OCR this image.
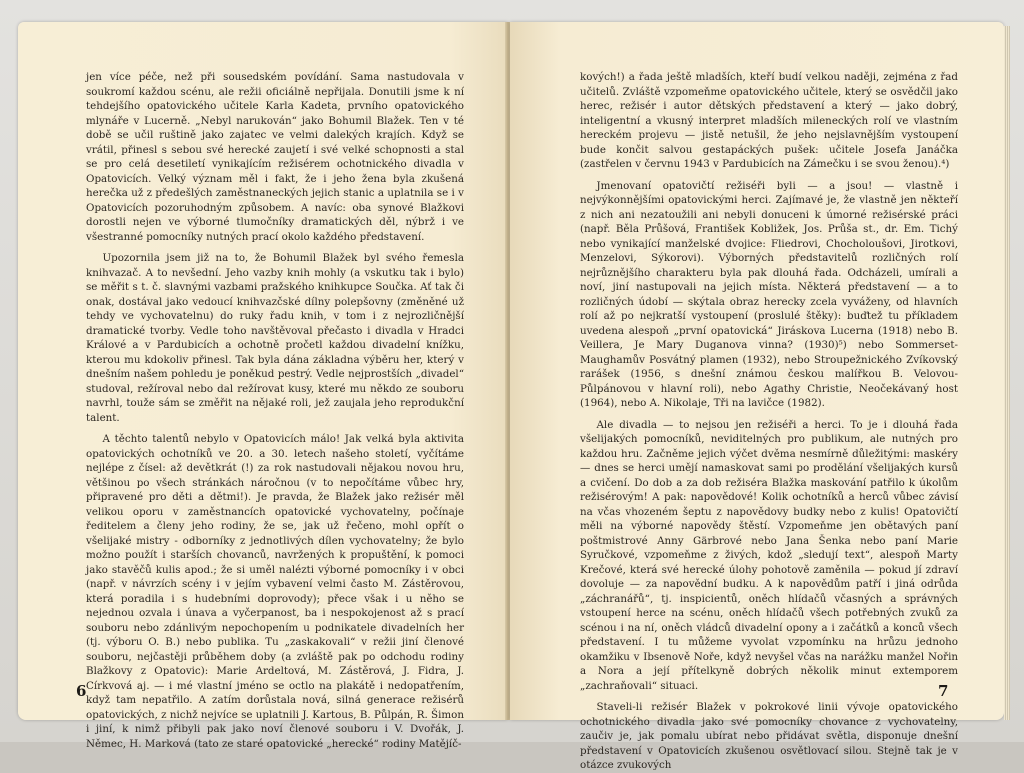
jen více péče, než při sousedském povídání. Sama nastudovala v soukromí každou scénu, ale režii oficiálně nepřijala. Donutili jsme k ní tehdejšího opatovického učitele Karla Kadeta, prvního opatovického mlynáře v Lucerně. „Nebyl narukován“ jako Bohumil Blažek. Ten v té době se učil ruštině jako zajatec ve velmi dalekých krajích. Když se vrátil, přinesl s sebou své herecké zaujetí i své velké schopnosti a stal se pro celá desetiletí vynikajícím režisérem ochotnického divadla v Opatovicích. Velký význam měl i fakt, že i jeho žena byla zkušená herečka už z předešlých zaměstnaneckých jejich stanic a uplatnila se i v Opatovicích pozoruhodným způsobem. A navíc: oba synové Blažkovi dorostli nejen ve výborné tlumočníky dramatických děl, nýbrž i ve všestranné pomocníky nutných prací okolo každého představení.

Upozornila jsem již na to, že Bohumil Blažek byl svého řemesla knihvazač. A to nevšední. Jeho vazby knih mohly (a vskutku tak i bylo) se měřit s t. č. slavnými vazbami pražského knihkupce Součka. Ať tak či onak, dostával jako vedoucí knihvazčské dílny polepšovny (změněné už tehdy ve vychovatelnu) do ruky řadu knih, v tom i z nejrozličnější dramatické tvorby. Vedle toho navštěvoval přečasto i divadla v Hradci Králové a v Pardubicích a ochotně pročetl každou divadelní knížku, kterou mu kdokoliv přinesl. Tak byla dána základna výběru her, který v dnešním našem pohledu je poněkud pestrý. Vedle nejprostších „divadel“ studoval, režíroval nebo dal režírovat kusy, které mu někdo ze souboru navrhl, touže sám se změřit na nějaké roli, jež zaujala jeho reprodukční talent.

A těchto talentů nebylo v Opatovicích málo! Jak velká byla aktivita opatovických ochotníků ve 20. a 30. letech našeho století, vyčítáme nejlépe z čísel: až devětkrát (!) za rok nastudovali nějakou novou hru, většinou po všech stránkách náročnou (v to nepočítáme vůbec hry, připravené pro děti a dětmi!). Je pravda, že Blažek jako režisér měl velikou oporu v zaměstnancích opatovické vychovatelny, počínaje ředitelem a členy jeho rodiny, že se, jak už řečeno, mohl opřít o všelijaké mistry - odborníky z jednotlivých dílen vychovatelny; že bylo možno použít i starších chovanců, navržených k propuštění, k pomoci jako stavěčů kulis apod.; že si uměl nalézti výborné pomocníky i v obci (např. v návrzích scény i v jejím vybavení velmi často M. Zástěrovou, která poradila i s hudebními doprovody); přece však i u něho se nejednou ozvala i únava a vyčerpanost, ba i nespokojenost až s prací souboru nebo zdánlivým nepochopením u podnikatele divadelních her (tj. výboru O. B.) nebo publika. Tu „zaskakovali“ v režii jiní členové souboru, nejčastěji průběhem doby (a zvláště pak po odchodu rodiny Blažkovy z Opatovic): Marie Ardeltová, M. Zástěrová, J. Fidra, J. Církvová aj. — i mé vlastní jméno se octlo na plakátě i nedopatřením, když tam nepatřilo. A zatím dorůstala nová, silná generace režisérů opatovických, z nichž nejvíce se uplatnili J. Kartous, B. Půlpán, R. Šimon i jiní, k nimž přibyli pak jako noví členové souboru i V. Dvořák, J. Němec, H. Marková (tato ze staré opatovické „herecké“ rodiny Matějíč-

6

kových!) a řada ještě mladších, kteří budí velkou naději, zejména z řad učitelů. Zvláště vzpomeňme opatovického učitele, který se osvědčil jako herec, režisér i autor dětských představení a který — jako dobrý, inteligentní a vkusný interpret mladších mileneckých rolí ve vlastním hereckém projevu — jistě netušil, že jeho nejslavnějším vystoupení bude končit salvou gestapáckých pušek: učitele Josefa Janáčka (zastřelen v červnu 1943 v Pardubicích na Zámečku i se svou ženou).⁴)

Jmenovaní opatovičtí režiséři byli — a jsou! — vlastně i nejvýkonnějšími opatovickými herci. Zajímavé je, že vlastně jen někteří z nich ani nezatoužili ani nebyli donuceni k úmorné režisérské práci (např. Běla Průšová, František Kobližek, Jos. Průša st., dr. Em. Tichý nebo vynikající manželské dvojice: Fliedrovi, Chocholoušovi, Jirotkovi, Menzelovi, Sýkorovi). Výborných představitelů rozličných rolí nejrůznějšího charakteru byla pak dlouhá řada. Odcházeli, umírali a noví, jiní nastupovali na jejich místa. Některá představení — a to rozličných údobí — skýtala obraz herecky zcela vyváženy, od hlavních rolí až po nejkratší vystoupení (proslulé štěky): buďtež tu příkladem uvedena alespoň „první opatovická“ Jiráskova Lucerna (1918) nebo B. Veillera, Je Mary Duganova vinna? (1930)⁵) nebo Sommerset-Maughamův Posvátný plamen (1932), nebo Stroupežnického Zvíkovský rarášek (1956, s dnešní známou českou malířkou B. Velovou-Půlpánovou v hlavní roli), nebo Agathy Christie, Neočekávaný host (1964), nebo A. Nikolaje, Tři na lavičce (1982).

Ale divadla — to nejsou jen režiséři a herci. To je i dlouhá řada všelijakých pomocníků, neviditelných pro publikum, ale nutných pro každou hru. Začněme jejich výčet dvěma nesmírně důležitými: maskéry — dnes se herci umějí namaskovat sami po prodělání všelijakých kursů a cvičení. Do dob a za dob režiséra Blažka maskování patřilo k úkolům režisérovým! A pak: napovědové! Kolik ochotníků a herců vůbec závisí na včas vhozeném šeptu z napovědovy budky nebo z kulis! Opatovičtí měli na výborné napovědy štěstí. Vzpomeňme jen obětavých paní poštmistrové Anny Gärbrové nebo Jana Šenka nebo paní Marie Syručkové, vzpomeňme z živých, kdož „sledují text“, alespoň Marty Krečové, která své herecké úlohy pohotově zaměnila — pokud jí zdraví dovoluje — za napovědní budku. A k napovědům patří i jiná odrůda „záchranářů“, tj. inspicientů, oněch hlídačů včasných a správných vstoupení herce na scénu, oněch hlídačů všech potřebných zvuků za scénou i na ní, oněch vládců divadelní opony a i začátků a konců všech představení. I tu můžeme vyvolat vzpomínku na hrůzu jednoho okamžiku v Ibsenově Noře, když nevyšel včas na narážku manžel Nořin a Nora a její přítelkyně dobrých několik minut extemporem „zachraňovali“ situaci.

Staveli-li režisér Blažek v pokrokové linii vývoje opatovického ochotnického divadla jako své pomocníky chovance z vychovatelny, zaučiv je, jak pomalu ubírat nebo přidávat světla, disponuje dnešní představení v Opatovicích zkušenou osvětlovací silou. Stejně tak je v otázce zvukových

7
